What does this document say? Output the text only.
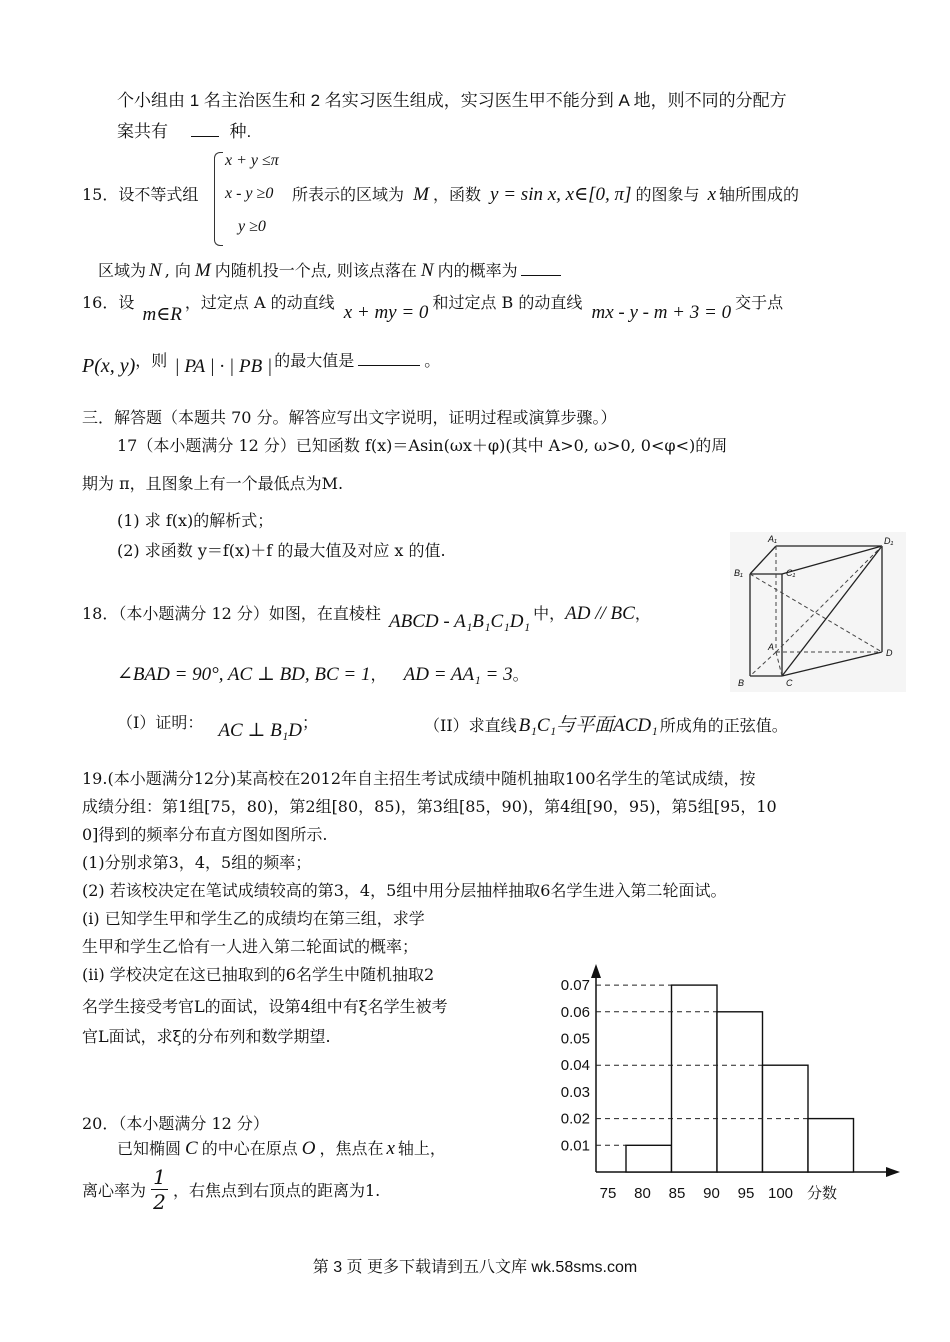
个小组由 1 名主治医生和 2 名实习医生组成，实习医生甲不能分到 A 地，则不同的分配方
案共有	种.
15．设不等式组
x + y ≤π
x - y ≥0
y ≥0
所表示的区域为 M ，函数 y = sin x, x∈[0, π] 的图象与 x 轴所围成的
区域为 N , 向 M 内随机投一个点, 则该点落在 N 内的概率为
16．设 m∈R，过定点 A 的动直线 x + my = 0 和过定点 B 的动直线 mx - y - m + 3 = 0 交于点
P(x, y)，则 | PA | · | PB | 的最大值是	。
三．解答题（本题共 70 分。解答应写出文字说明，证明过程或演算步骤。）
17（本小题满分 12 分）已知函数 f(x)＝Asin(ωx＋φ)(其中 A>0, ω>0, 0<φ<)的周
期为 π，且图象上有一个最低点为M.
(1) 求 f(x)的解析式；
(2) 求函数 y＝f(x)＋f 的最大值及对应 x 的值.
18．（本小题满分 12 分）如图，在直棱柱 ABCD - A₁B₁C₁D₁ 中，AD // BC，
∠BAD = 90°, AC ⊥ BD, BC = 1， AD = AA₁ = 3。
（I）证明： AC ⊥ B₁D；	（II）求直线 B₁C₁与平面ACD₁ 所成角的正弦值。
A₁	D₁
B₁	C₁
A
D
B	C
19.(本小题满分12分)某高校在2012年自主招生考试成绩中随机抽取100名学生的笔试成绩，按
成绩分组：第1组[75，80)，第2组[80，85)，第3组[85，90)，第4组[90，95)，第5组[95，10
0]得到的频率分布直方图如图所示.
(1)分别求第3，4，5组的频率；
(2) 若该校决定在笔试成绩较高的第3，4，5组中用分层抽样抽取6名学生进入第二轮面试。
(ⅰ) 已知学生甲和学生乙的成绩均在第三组，求学
生甲和学生乙恰有一人进入第二轮面试的概率；
(ⅱ) 学校决定在这已抽取到的6名学生中随机抽取2
名学生接受考官L的面试，设第4组中有ξ名学生被考
官L面试，求ξ的分布列和数学期望.
0.01
0.02
0.03
0.04
0.05
0.06
0.07
75 80 85 90 95 100 分数
20．（本小题满分 12 分）
已知椭圆 C 的中心在原点 O ，焦点在 x 轴上，
离心率为 $\frac{1}{2}$ ，右焦点到右顶点的距离为1.
第 3 页 更多下载请到五八文库 wk.58sms.com
